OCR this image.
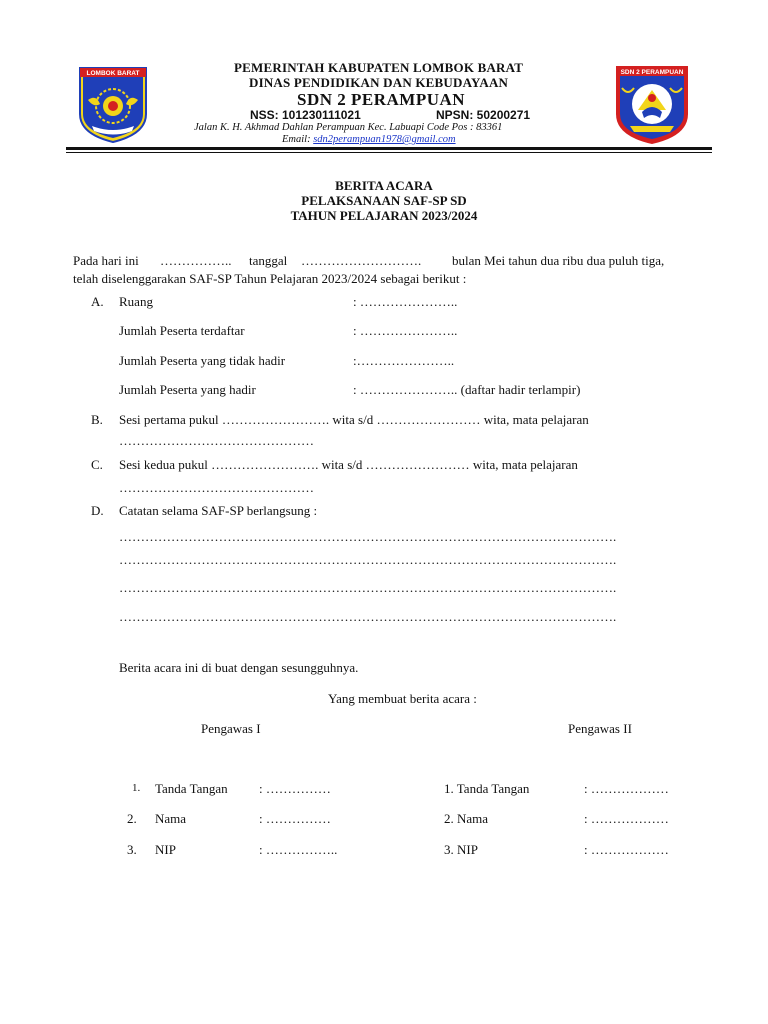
LOMBOK BARAT	SDN 2 PERAMPUAN
PEMERINTAH KABUPATEN LOMBOK BARAT
DINAS PENDIDIKAN DAN KEBUDAYAAN
SDN 2 PERAMPUAN
NSS: 101230111021	NPSN: 50200271
Jalan K. H. Akhmad Dahlan Perampuan Kec. Labuapi Code Pos : 83361
Email: sdn2perampuan1978@gmail.com
BERITA ACARA
PELAKSANAAN SAF-SP SD
TAHUN PELAJARAN 2023/2024
Pada hari ini …………….. tanggal ………………………. bulan Mei tahun dua ribu dua puluh tiga,
telah diselenggarakan SAF-SP Tahun Pelajaran 2023/2024 sebagai berikut :
A. Ruang	: …………………..
Jumlah Peserta terdaftar	: …………………..
Jumlah Peserta yang tidak hadir	:…………………..
Jumlah Peserta yang hadir	: ………………….. (daftar hadir terlampir)
B. Sesi pertama pukul ……………………. wita s/d …………………… wita, mata pelajaran
………………………………………
C. Sesi kedua pukul ……………………. wita s/d …………………… wita, mata pelajaran
………………………………………
D. Catatan selama SAF-SP berlangsung :
…………………………………………………………………………………………………….
…………………………………………………………………………………………………….
…………………………………………………………………………………………………….
…………………………………………………………………………………………………….
Berita acara ini di buat dengan sesungguhnya.
Yang membuat berita acara :
Pengawas I	Pengawas II
1. Tanda Tangan : ……………
2. Nama	: ……………
3. NIP	: ……………..
1. Tanda Tangan	: ………………
2. Nama	: ………………
3. NIP	: ………………
